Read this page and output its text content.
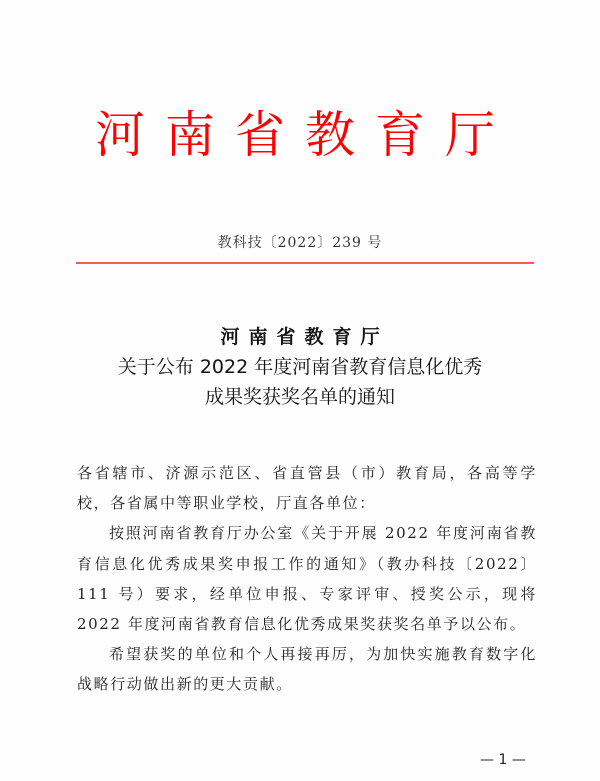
河南省教育厅
教科技〔2022〕239 号
河南省教育厅
关于公布 2022 年度河南省教育信息化优秀
成果奖获奖名单的通知

各省辖市、济源示范区、省直管县（市）教育局，各高等学校，各省属中等职业学校，厅直各单位：

按照河南省教育厅办公室《关于开展 2022 年度河南省教育信息化优秀成果奖申报工作的通知》（教办科技〔2022〕111 号）要求，经单位申报、专家评审、授奖公示，现将 2022 年度河南省教育信息化优秀成果奖获奖名单予以公布。

希望获奖的单位和个人再接再厉，为加快实施教育数字化战略行动做出新的更大贡献。

— 1 —
